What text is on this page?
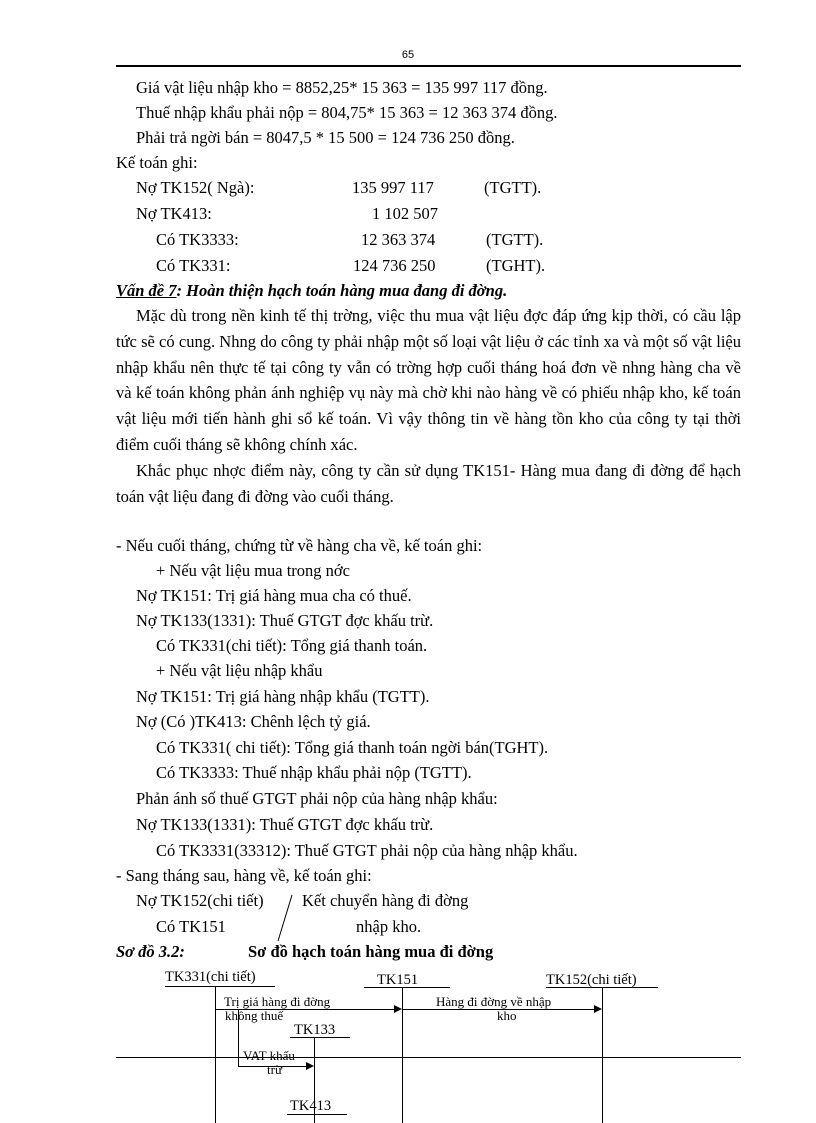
65
Giá vật liệu nhập kho = 8852,25* 15 363 = 135 997 117 đồng.
Thuế nhập khẩu phải nộp = 804,75* 15 363 = 12 363 374 đồng.
Phải trả ngời bán = 8047,5 * 15 500 = 124 736 250 đồng.
Kế toán ghi:
Nợ TK152( Ngà):	135 997 117	(TGTT).
Nợ TK413:	1 102 507
Có TK3333:	12 363 374	(TGTT).
Có TK331:	124 736 250	(TGHT).
Vấn đề 7: Hoàn thiện hạch toán hàng mua đang đi đờng.

Mặc dù trong nền kinh tế thị trờng, việc thu mua vật liệu đợc đáp ứng kịp thời, có cầu lập tức sẽ có cung. Nhng do công ty phải nhập một số loại vật liệu ở các tỉnh xa và một số vật liệu nhập khẩu nên thực tế tại công ty vẫn có trờng hợp cuối tháng hoá đơn về nhng hàng cha về và kế toán không phản ánh nghiệp vụ này mà chờ khi nào hàng về có phiếu nhập kho, kế toán vật liệu mới tiến hành ghi sổ kế toán. Vì vậy thông tin về hàng tồn kho của công ty tại thời điểm cuối tháng sẽ không chính xác.

Khắc phục nhợc điểm này, công ty cần sử dụng TK151- Hàng mua đang đi đờng để hạch toán vật liệu đang đi đờng vào cuối tháng.

- Nếu cuối tháng, chứng từ về hàng cha về, kế toán ghi:
+ Nếu vật liệu mua trong nớc
Nợ TK151: Trị giá hàng mua cha có thuế.
Nợ TK133(1331): Thuế GTGT đợc khấu trừ.
Có TK331(chi tiết): Tổng giá thanh toán.
+ Nếu vật liệu nhập khẩu
Nợ TK151: Trị giá hàng nhập khẩu (TGTT).
Nợ (Có )TK413: Chênh lệch tỷ giá.
Có TK331( chi tiết): Tổng giá thanh toán ngời bán(TGHT).
Có TK3333: Thuế nhập khẩu phải nộp (TGTT).
Phản ánh số thuế GTGT phải nộp của hàng nhập khẩu:
Nợ TK133(1331): Thuế GTGT đợc khấu trừ.
Có TK3331(33312): Thuế GTGT phải nộp của hàng nhập khẩu.
- Sang tháng sau, hàng về, kế toán ghi:
Nợ TK152(chi tiết) Kết chuyển hàng đi đờng
Có TK151	nhập kho.
Sơ đồ 3.2:	Sơ đồ hạch toán hàng mua đi đờng
TK331(chi tiết)	TK151	TK152(chi tiết)
Trị giá hàng đi đờng
không thuế
Hàng đi đờng về nhập
kho
TK133
VAT khấu
trừ
TK413
